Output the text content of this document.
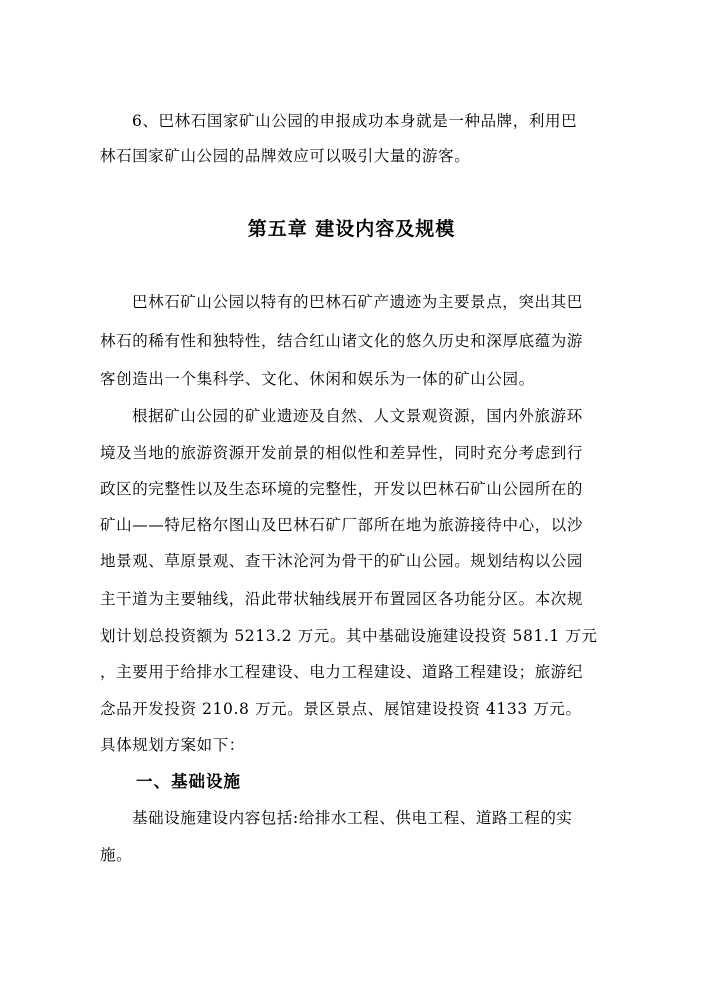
6、巴林石国家矿山公园的申报成功本身就是一种品牌，利用巴
林石国家矿山公园的品牌效应可以吸引大量的游客。
第五章 建设内容及规模
巴林石矿山公园以特有的巴林石矿产遗迹为主要景点，突出其巴
林石的稀有性和独特性，结合红山诸文化的悠久历史和深厚底蕴为游
客创造出一个集科学、文化、休闲和娱乐为一体的矿山公园。
根据矿山公园的矿业遗迹及自然、人文景观资源，国内外旅游环
境及当地的旅游资源开发前景的相似性和差异性，同时充分考虑到行
政区的完整性以及生态环境的完整性，开发以巴林石矿山公园所在的
矿山——特尼格尔图山及巴林石矿厂部所在地为旅游接待中心，以沙
地景观、草原景观、查干沐沦河为骨干的矿山公园。规划结构以公园
主干道为主要轴线，沿此带状轴线展开布置园区各功能分区。本次规
划计划总投资额为 5213.2 万元。其中基础设施建设投资 581.1 万元
，主要用于给排水工程建设、电力工程建设、道路工程建设；旅游纪
念品开发投资 210.8 万元。景区景点、展馆建设投资 4133 万元。
具体规划方案如下：
一、基础设施
基础设施建设内容包括:给排水工程、供电工程、道路工程的实
施。
